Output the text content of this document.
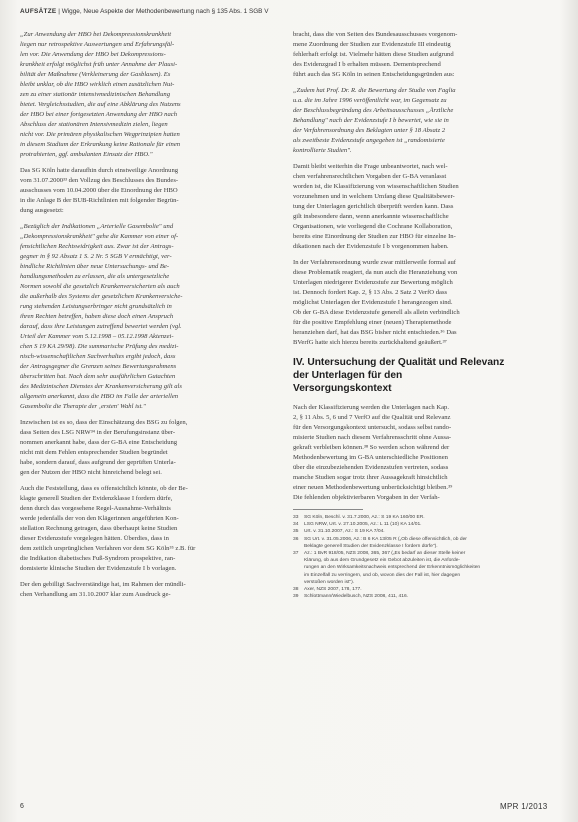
AUFSÄTZE | Wigge, Neue Aspekte der Methodenbewertung nach § 135 Abs. 1 SGB V
„Zur Anwendung der HBO bei Dekompressionskrankheit
liegen nur retrospektive Auswertungen und Erfahrungsfäl-
len vor. Die Anwendung der HBO bei Dekompressions-
krankheit erfolgt möglichst früh unter Annahme der Plausi-
bilität der Maßnahme (Verkleinerung der Gasblasen). Es
bleibt unklar, ob die HBO wirklich einen zusätzlichen Nut-
zen zu einer stationär intensivmedizinischen Behandlung
bietet. Vergleichsstudien, die auf eine Abklärung des Nutzens
der HBO bei einer fortgesetzten Anwendung der HBO nach
Abschluss der stationären Intensivmedizin zielen, liegen
nicht vor. Die primären physikalischen Wegprinzipien hatten
in diesem Stadium der Erkrankung keine Rationale für einen
protrahierten, ggf. ambulanten Einsatz der HBO."
Das SG Köln hatte daraufhin durch einstweilige Anordnung
vom 31.07.2000³³ den Vollzug des Beschlusses des Bundes-
ausschusses vom 10.04.2000 über die Einordnung der HBO
in die Anlage B der BUB-Richtlinien mit folgender Begrün-
dung ausgesetzt:
„Bezüglich der Indikationen „Arterielle Gasembolie" und
„Dekompressionskrankheit" gehe die Kammer von einer of-
fensichtlichen Rechtswidrigkeit aus. Zwar ist der Antrags-
gegner in § 92 Absatz 1 S. 2 Nr. 5 SGB V ermächtigt, ver-
bindliche Richtlinien über neue Untersuchungs- und Be-
handlungsmethoden zu erlassen, die als untergesetzliche
Normen sowohl die gesetzlich Krankenversicherten als auch
die außerhalb des Systems der gesetzlichen Krankenversiche-
rung stehenden Leistungserbringer nicht grundsätzlich in
ihren Rechten betreffen, haben diese doch einen Anspruch
darauf, dass ihre Leistungen zutreffend bewertet werden (vgl.
Urteil der Kammer vom 5.12.1998 – 05.12.1998 Aktenzei-
chen S 19 KA 29/98). Die summarische Prüfung des medizi-
nisch-wissenschaftlichen Sachverhaltes ergibt jedoch, dass
der Antragsgegner die Grenzen seines Bewertungsrahmens
überschritten hat. Nach dem sehr ausführlichen Gutachten
des Medizinischen Dienstes der Krankenversicherung gilt als
allgemein anerkannt, dass die HBO im Falle der arteriellen
Gasembolie die Therapie der ‚ersten' Wahl ist."
Inzwischen ist es so, dass der Einschätzung des BSG zu folgen,
dass Seiten des LSG NRW³⁴ in der Berufungsinstanz über-
nommen anerkannt habe, dass der G-BA eine Entscheidung
nicht mit dem Fehlen entsprechender Studien begründet
habe, sondern darauf, dass aufgrund der geprüften Unterla-
gen der Nutzen der HBO nicht hinreichend belegt sei.
Auch die Feststellung, dass es offensichtlich könnte, ob der Be-
klagte generell Studien der Evidenzklasse I fordern dürfe,
denn durch das vorgesehene Regel-Ausnahme-Verhältnis
werde jedenfalls der von den Klägerinnen angeführten Kon-
stellation Rechnung getragen, dass überhaupt keine Studien
dieser Evidenzstufe vorgelegen hätten. Überdies, dass in
dem zeitlich ursprünglichen Verfahren vor dem SG Köln³⁵ z.B. für
die Indikation diabetisches Fuß-Syndrom prospektive, ran-
domisierte klinische Studien der Evidenzstufe I b vorlagen.
Der den gebilligt Sachverständige hat, im Rahmen der mündli-
chen Verhandlung am 31.10.2007 klar zum Ausdruck ge-
bracht, dass die von Seiten des Bundesausschusses vorgenom-
mene Zuordnung der Studien zur Evidenzstufe III eindeutig
fehlerhaft erfolgt ist. Vielmehr hätten diese Studien aufgrund
des Evidenzgrad I b erhalten müssen. Dementsprechend
führt auch das SG Köln in seinen Entscheidungsgründen aus:
„Zudem hat Prof. Dr. R. die Bewertung der Studie von Faglia
u.a. die im Jahre 1996 veröffentlicht war, im Gegensatz zu
der Beschlussbegründung des Arbeitsausschusses „Ärztliche
Behandlung" nach der Evidenzstufe I b bewertet, wie sie in
der Verfahrensordnung des Beklagten unter § 18 Absatz 2
als zweitbeste Evidenzstufe angegeben ist „randomisierte
kontrollierte Studien".
Damit bleibt weiterhin die Frage unbeantwortet, nach wel-
chen verfahrensrechtlichen Vorgaben der G-BA veranlasst
worden ist, die Klassifizierung von wissenschaftlichen Studien
vorzunehmen und in welchem Umfang diese Qualitätsbewer-
tung der Unterlagen gerichtlich überprüft werden kann. Dass
gilt insbesondere dann, wenn anerkannte wissenschaftliche
Organisationen, wie vorliegend die Cochrane Kollaboration,
bereits eine Einordnung der Studien zur HBO für einzelne In-
dikationen nach der Evidenzstufe I b vorgenommen haben.
In der Verfahrensordnung wurde zwar mittlerweile formal auf
diese Problematik reagiert, da nun auch die Heranziehung von
Unterlagen niedrigerer Evidenzstufe zur Bewertung möglich
ist. Dennoch fordert Kap. 2, § 13 Abs. 2 Satz 2 VerfO dass
möglichst Unterlagen der Evidenzstufe I herangezogen sind.
Ob der G-BA diese Evidenzstufe generell als allein verbindlich
für die positive Empfehlung einer (neuen) Therapiemethode
heranziehen darf, hat das BSG bisher nicht entschieden.³⁶ Das
BVerfG hatte sich hierzu bereits zurückhaltend geäußert.³⁷
IV. Untersuchung der Qualität und Relevanz
der Unterlagen für den
Versorgungskontext
Nach der Klassifizierung werden die Unterlagen nach Kap.
2, § 11 Abs. 5, 6 und 7 VerfO auf die Qualität und Relevanz
für den Versorgungskontext untersucht, sodass selbst rando-
misierte Studien nach diesem Verfahrensschritt ohne Aussa-
gekraft verbleiben können.³⁸ So werden schon während der
Methodenbewertung im G-BA unterschiedliche Positionen
über die einzubeziehenden Evidenzstufen vertreten, sodass
manche Studien sogar trotz ihrer Aussagekraft hinsichtlich
einer neuen Methodenbewertung unberücksichtigt bleiben.³⁹
Die fehlenden objektivierbaren Vorgaben in der Verfah-
33 SG Köln, Beschl. v. 31.7.2000, Az.: S 19 KA 160/00 ER.
34 LSG NRW, Urt. v. 27.10.2005, Az.: L 11 (10) KA 14/01.
35 Urt. v. 31.10.2007, Az.: S 19 KA 7/04.
36 SG Urt. v. 31.05.2006, Az.: B 6 KA 13/05 R („Ob diese offensichtlich, ob der
Beklagte generell Studien der Evidenzklasse I fordern dürfe").
37 Az.: 1 BvR 918/05, NZS 2008, 365, 367 („Es bedarf an dieser Stelle keiner
Klärung, ob aus dem Grundgesetz ein Gebot abzuleiten ist, die Anforde-
rungen an den Wirksamkeitsnachweis entsprechend der Erkenntnismöglichkeiten
im Einzelfall zu verringern, und ob, wovon dies der Fall ist, hier dagegen
verstoßen worden ist").
38 Axer, NZS 2007, 178, 177.
39 Schlottmann/Wiedelbusch, NZS 2008, 411, 416.
6	MPR 1/2013
